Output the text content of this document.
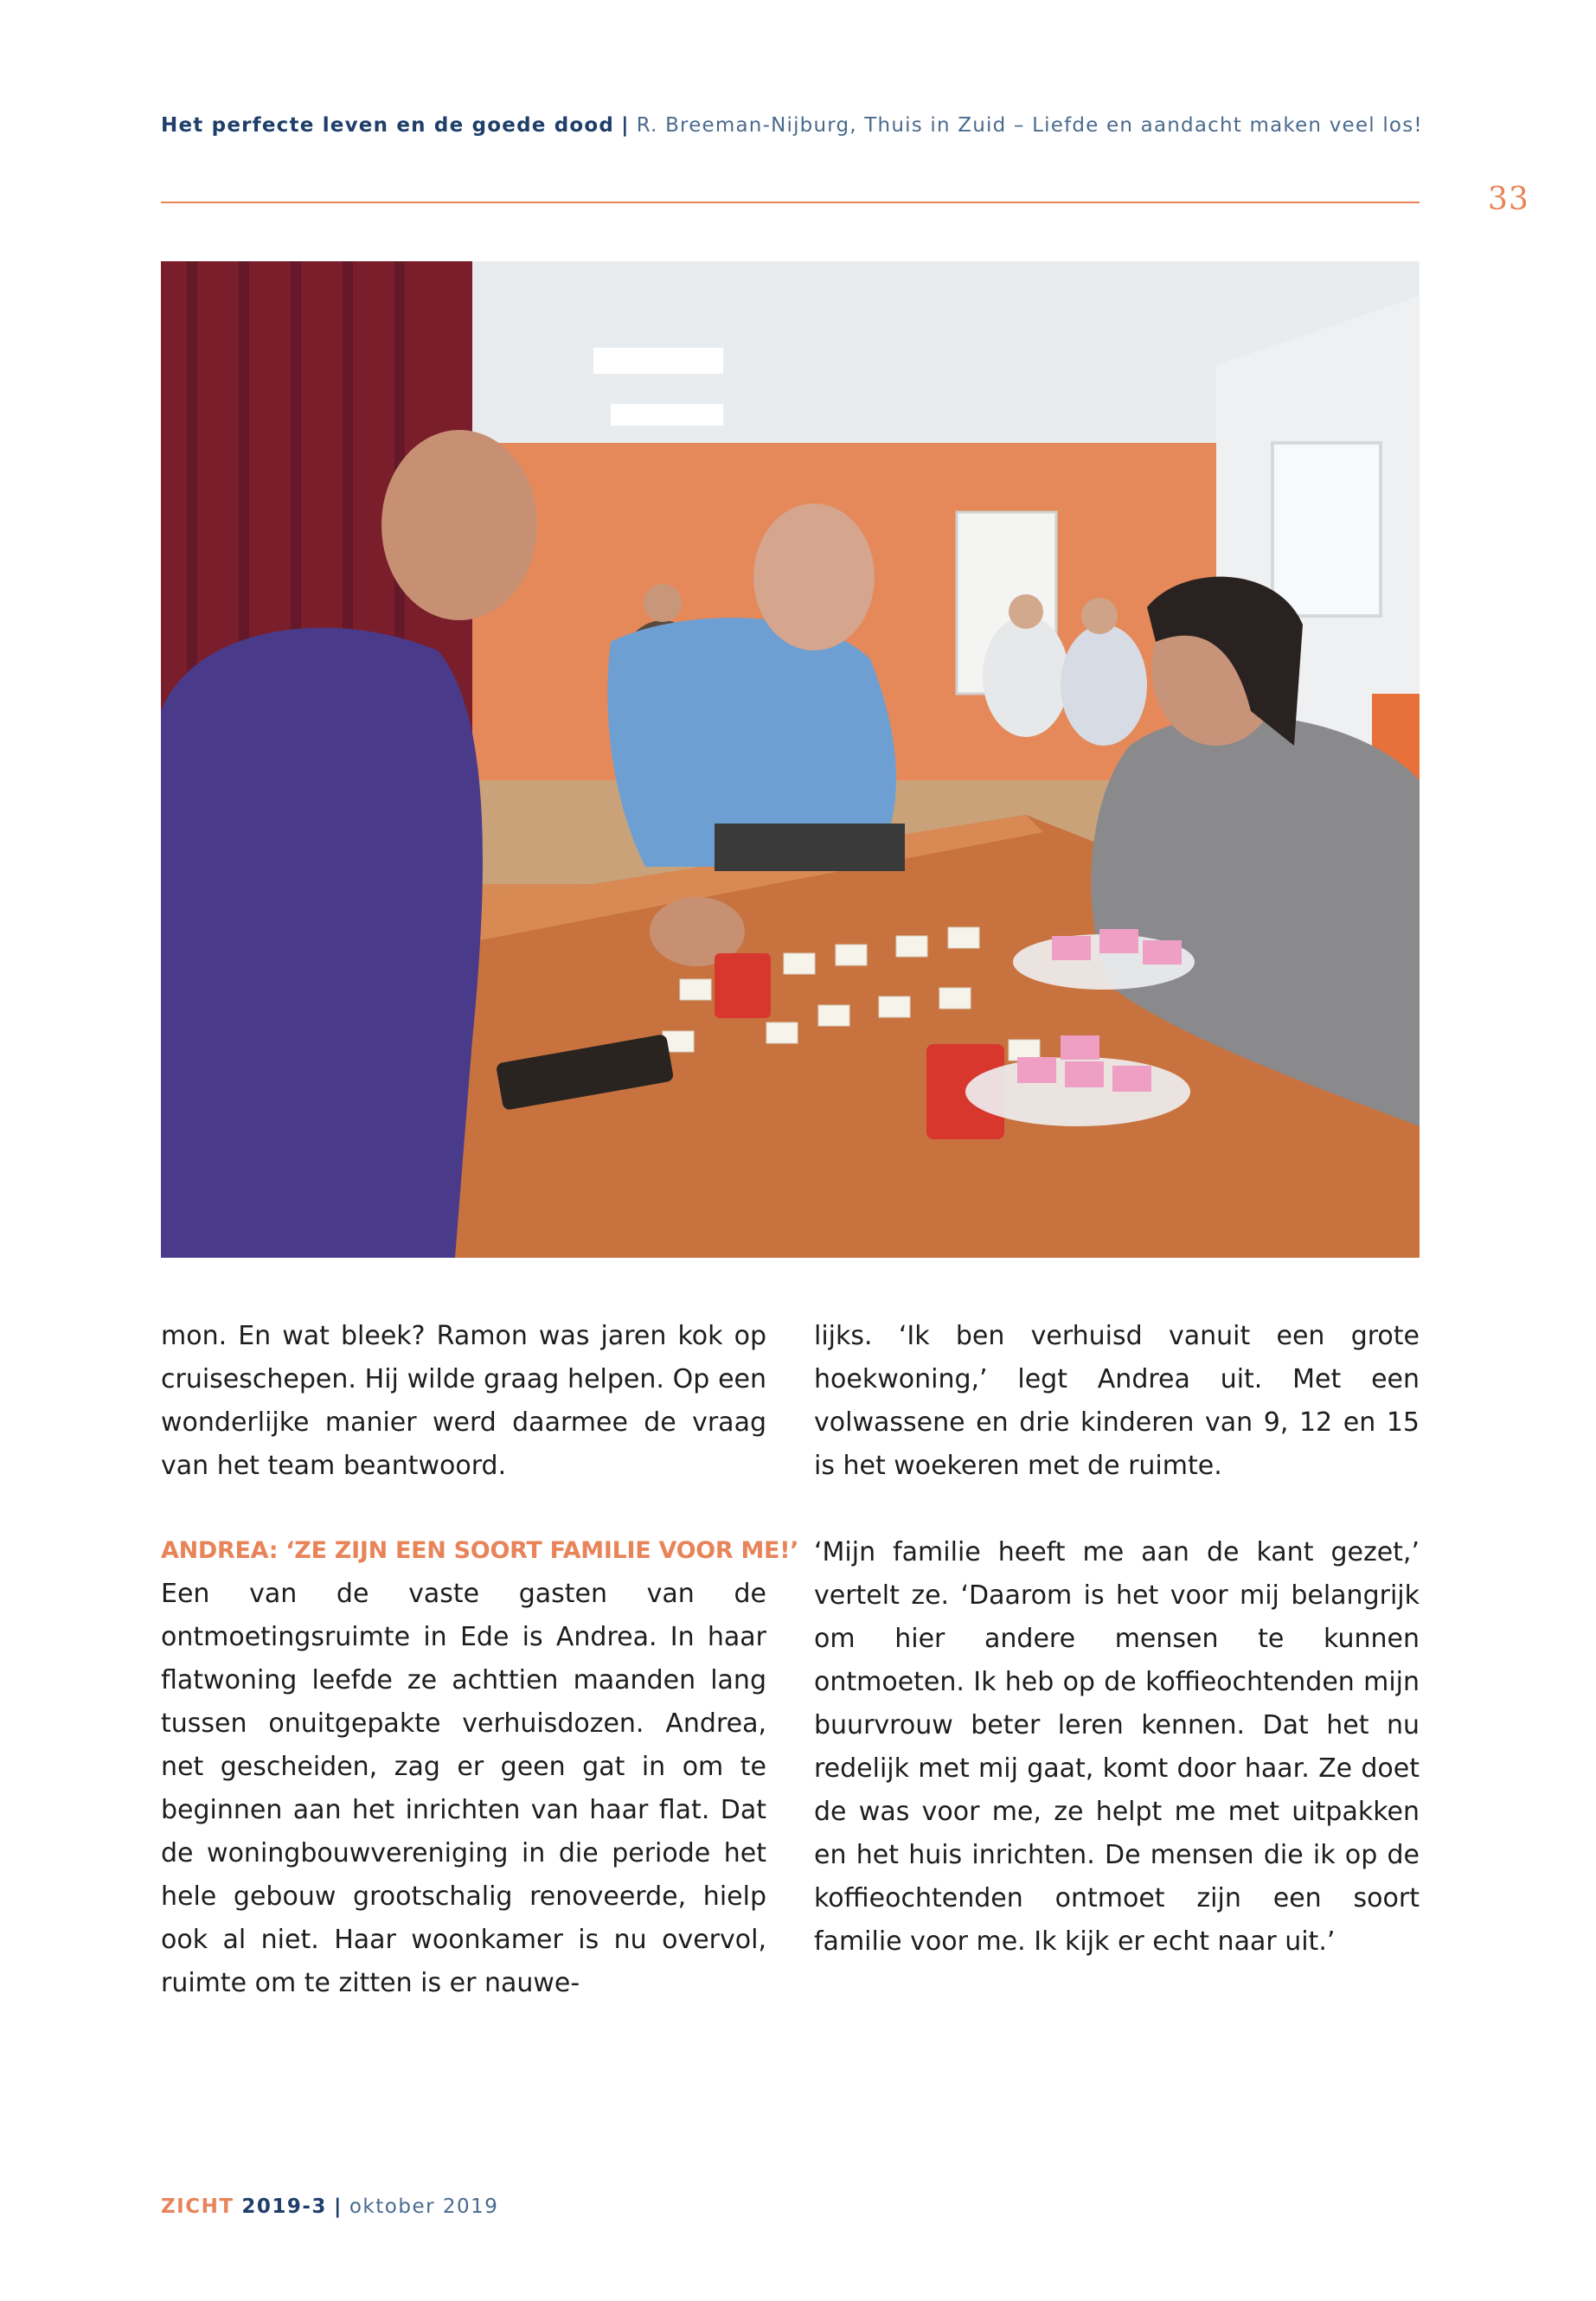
Het perfecte leven en de goede dood | R. Breeman-Nijburg, Thuis in Zuid – Liefde en aandacht maken veel los!
33

mon. En wat bleek? Ramon was jaren kok op cruiseschepen. Hij wilde graag helpen. Op een wonderlijke manier werd daarmee de vraag van het team beantwoord.

ANDREA: ‘ZE ZIJN EEN SOORT FAMILIE VOOR ME!’

Een van de vaste gasten van de ontmoetingsruimte in Ede is Andrea. In haar flatwoning leefde ze achttien maanden lang tussen onuitgepakte verhuisdozen. Andrea, net gescheiden, zag er geen gat in om te beginnen aan het inrichten van haar flat. Dat de woningbouwvereniging in die periode het hele gebouw grootschalig renoveerde, hielp ook al niet. Haar woonkamer is nu overvol, ruimte om te zitten is er nauwe-

lijks. ‘Ik ben verhuisd vanuit een grote hoekwoning,’ legt Andrea uit. Met een volwassene en drie kinderen van 9, 12 en 15 is het woekeren met de ruimte.

‘Mijn familie heeft me aan de kant gezet,’ vertelt ze. ‘Daarom is het voor mij belangrijk om hier andere mensen te kunnen ontmoeten. Ik heb op de koffieochtenden mijn buurvrouw beter leren kennen. Dat het nu redelijk met mij gaat, komt door haar. Ze doet de was voor me, ze helpt me met uitpakken en het huis inrichten. De mensen die ik op de koffieochtenden ontmoet zijn een soort familie voor me. Ik kijk er echt naar uit.’

ZICHT 2019-3 | oktober 2019
